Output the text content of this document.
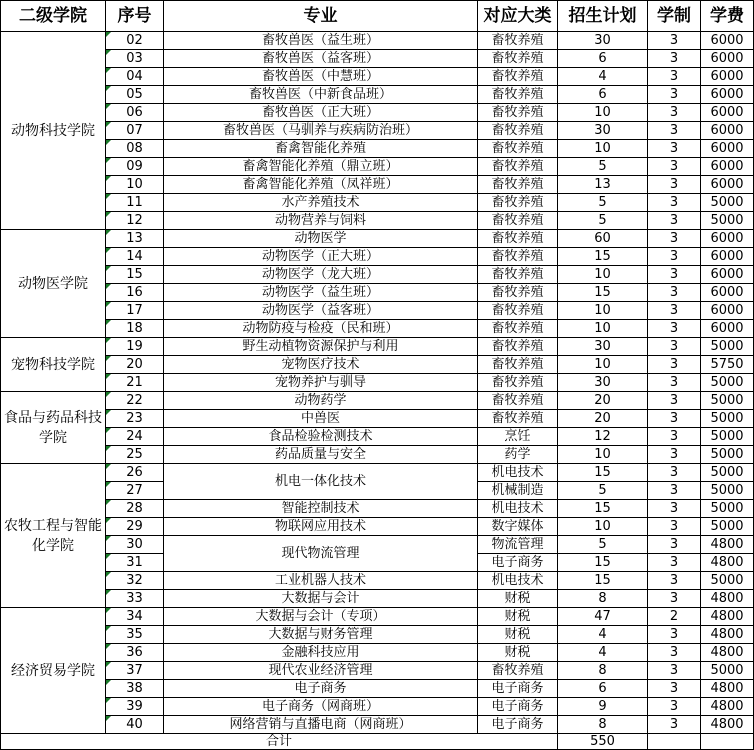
二级学院	序号	专业	对应大类	招生计划	学制	学费
动物科技学院	02	畜牧兽医（益生班）	畜牧养殖	30	3	6000
	03	畜牧兽医（益客班）	畜牧养殖	6	3	6000
	04	畜牧兽医（中慧班）	畜牧养殖	4	3	6000
	05	畜牧兽医（中新食品班）	畜牧养殖	6	3	6000
	06	畜牧兽医（正大班）	畜牧养殖	10	3	6000
	07	畜牧兽医（马驯养与疾病防治班）	畜牧养殖	30	3	6000
	08	畜禽智能化养殖	畜牧养殖	10	3	6000
	09	畜禽智能化养殖（鼎立班）	畜牧养殖	5	3	6000
	10	畜禽智能化养殖（凤祥班）	畜牧养殖	13	3	6000
	11	水产养殖技术	畜牧养殖	5	3	5000
	12	动物营养与饲料	畜牧养殖	5	3	5000
动物医学院	13	动物医学	畜牧养殖	60	3	6000
	14	动物医学（正大班）	畜牧养殖	15	3	6000
	15	动物医学（龙大班）	畜牧养殖	10	3	6000
	16	动物医学（益生班）	畜牧养殖	15	3	6000
	17	动物医学（益客班）	畜牧养殖	10	3	6000
	18	动物防疫与检疫（民和班）	畜牧养殖	10	3	6000
宠物科技学院	19	野生动植物资源保护与利用	畜牧养殖	30	3	5000
	20	宠物医疗技术	畜牧养殖	10	3	5750
	21	宠物养护与驯导	畜牧养殖	30	3	5000
食品与药品科技学院	22	动物药学	畜牧养殖	20	3	5000
	23	中兽医	畜牧养殖	20	3	5000
	24	食品检验检测技术	烹饪	12	3	5000
	25	药品质量与安全	药学	10	3	5000
农牧工程与智能化学院	26	机电一体化技术	机电技术	15	3	5000
	27		机械制造	5	3	5000
	28	智能控制技术	机电技术	15	3	5000
	29	物联网应用技术	数字媒体	10	3	5000
	30	现代物流管理	物流管理	5	3	4800
	31		电子商务	15	3	4800
	32	工业机器人技术	机电技术	15	3	5000
	33	大数据与会计	财税	8	3	4800
经济贸易学院	34	大数据与会计（专项）	财税	47	2	4800
	35	大数据与财务管理	财税	4	3	4800
	36	金融科技应用	财税	4	3	4800
	37	现代农业经济管理	畜牧养殖	8	3	5000
	38	电子商务	电子商务	6	3	4800
	39	电子商务（网商班）	电子商务	9	3	4800
	40	网络营销与直播电商（网商班）	电子商务	8	3	4800
合计				550		
